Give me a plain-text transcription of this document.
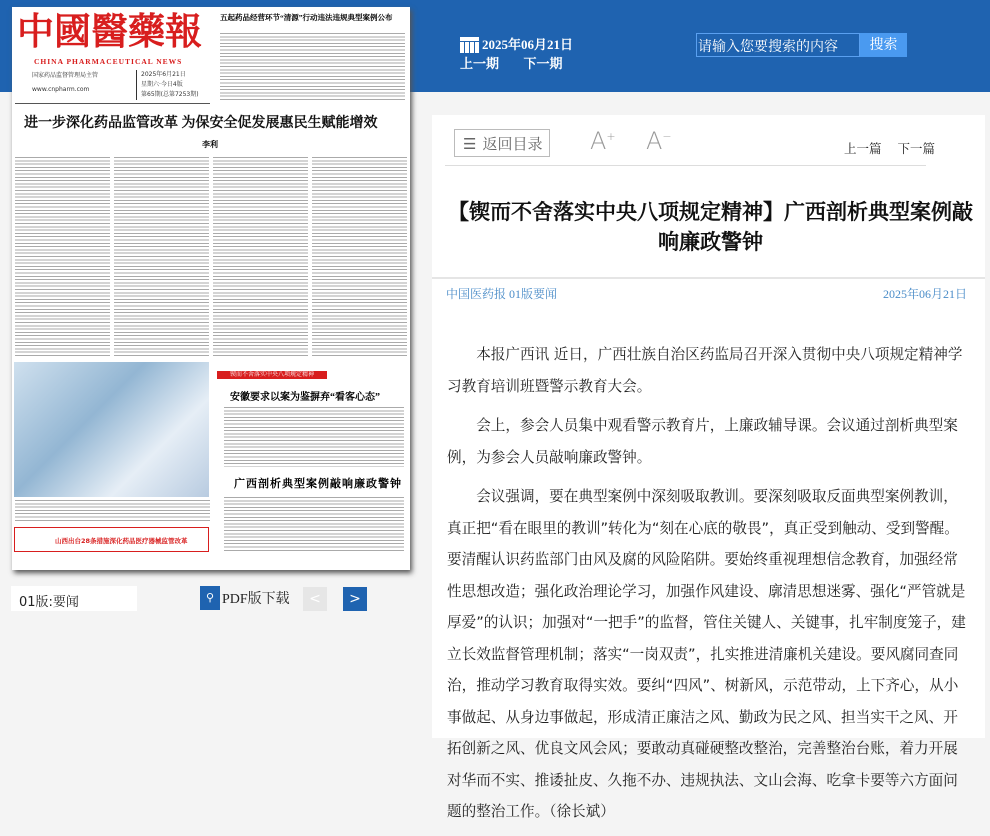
2025年06月21日
上一期 下一期
请输入您要搜索的内容	搜索
中國醫藥報
CHINA PHARMACEUTICAL NEWS
国家药品监督管理局主管
www.cnpharm.com
2025年6月21日
星期六·今日4版
第65期(总第7253期)
五起药品经营环节“清源”行动违法违规典型案例公布
进一步深化药品监管改革 为保安全促发展惠民生赋能增效
李利
锲而不舍落实中央八项规定精神
安徽要求以案为鉴摒弃“看客心态”
广西剖析典型案例敲响廉政警钟
山西出台28条措施深化药品医疗器械监管改革
01版:要闻	⚲ PDF版下载	<	>
☰ 返回目录	A+ A−
上一篇 下一篇
【锲而不舍落实中央八项规定精神】广西剖析典型案例敲响廉政警钟
中国医药报 01版要闻	2025年06月21日

本报广西讯 近日，广西壮族自治区药监局召开深入贯彻中央八项规定精神学习教育培训班暨警示教育大会。

会上，参会人员集中观看警示教育片，上廉政辅导课。会议通过剖析典型案例，为参会人员敲响廉政警钟。

会议强调，要在典型案例中深刻吸取教训。要深刻吸取反面典型案例教训，真正把“看在眼里的教训”转化为“刻在心底的敬畏”，真正受到触动、受到警醒。要清醒认识药监部门由风及腐的风险陷阱。要始终重视理想信念教育，加强经常性思想改造；强化政治理论学习，加强作风建设、廓清思想迷雾、强化“严管就是厚爱”的认识；加强对“一把手”的监督，管住关键人、关键事，扎牢制度笼子，建立长效监督管理机制；落实“一岗双责”，扎实推进清廉机关建设。要风腐同查同治，推动学习教育取得实效。要纠“四风”、树新风，示范带动，上下齐心，从小事做起、从身边事做起，形成清正廉洁之风、勤政为民之风、担当实干之风、开拓创新之风、优良文风会风；要敢动真碰硬整改整治，完善整治台账，着力开展对华而不实、推诿扯皮、久拖不办、违规执法、文山会海、吃拿卡要等六方面问题的整治工作。（徐长斌）
